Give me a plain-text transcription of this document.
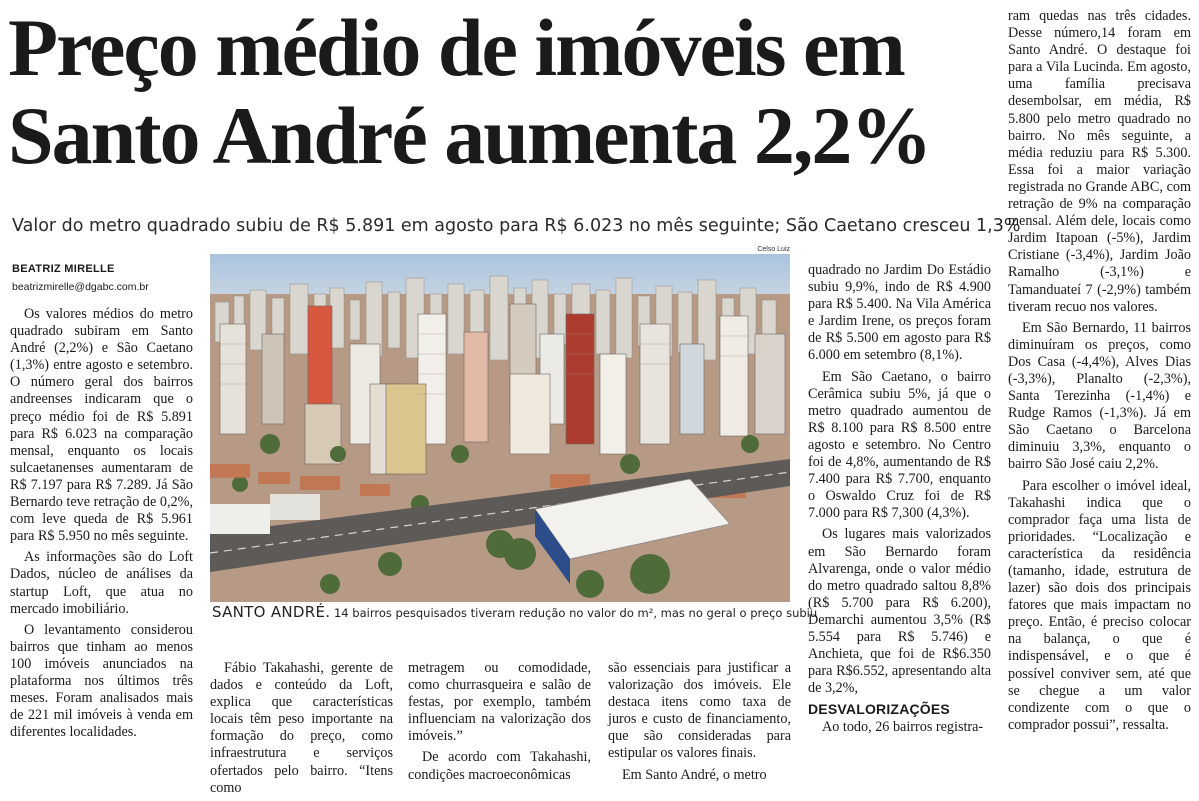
Preço médio de imóveis em Santo André aumenta 2,2%
Valor do metro quadrado subiu de R$ 5.891 em agosto para R$ 6.023 no mês seguinte; São Caetano cresceu 1,3%
BEATRIZ MIRELLE
beatrizmirelle@dgabc.com.br

Os valores médios do metro quadrado subiram em Santo André (2,2%) e São Caetano (1,3%) entre agosto e setembro. O número geral dos bairros andreenses indicaram que o preço médio foi de R$ 5.891 para R$ 6.023 na comparação mensal, enquanto os locais sulcaetanenses aumentaram de R$ 7.197 para R$ 7.289. Já São Bernardo teve retração de 0,2%, com leve queda de R$ 5.961 para R$ 5.950 no mês seguinte.

As informações são do Loft Dados, núcleo de análises da startup Loft, que atua no mercado imobiliário.

O levantamento considerou bairros que tinham ao menos 100 imóveis anunciados na plataforma nos últimos três meses. Foram analisados mais de 221 mil imóveis à venda em diferentes localidades.

Celso Luiz
SANTO ANDRÉ. 14 bairros pesquisados tiveram redução no valor do m², mas no geral o preço subiu

Fábio Takahashi, gerente de dados e conteúdo da Loft, explica que características locais têm peso importante na formação do preço, como infraestrutura e serviços ofertados pelo bairro. “Itens como

metragem ou comodidade, como churrasqueira e salão de festas, por exemplo, também influenciam na valorização dos imóveis.”

De acordo com Takahashi, condições macroeconômicas

são essenciais para justificar a valorização dos imóveis. Ele destaca itens como taxa de juros e custo de financiamento, que são consideradas para estipular os valores finais.

Em Santo André, o metro

quadrado no Jardim Do Estádio subiu 9,9%, indo de R$ 4.900 para R$ 5.400. Na Vila América e Jardim Irene, os preços foram de R$ 5.500 em agosto para R$ 6.000 em setembro (8,1%).

Em São Caetano, o bairro Cerâmica subiu 5%, já que o metro quadrado aumentou de R$ 8.100 para R$ 8.500 entre agosto e setembro. No Centro foi de 4,8%, aumentando de R$ 7.400 para R$ 7.700, enquanto o Oswaldo Cruz foi de R$ 7.000 para R$ 7,300 (4,3%).

Os lugares mais valorizados em São Bernardo foram Alvarenga, onde o valor médio do metro quadrado saltou 8,8% (R$ 5.700 para R$ 6.200), Demarchi aumentou 3,5% (R$ 5.554 para R$ 5.746) e Anchieta, que foi de R$6.350 para R$6.552, apresentando alta de 3,2%,

DESVALORIZAÇÕES

Ao todo, 26 bairros registra-

ram quedas nas três cidades. Desse número,14 foram em Santo André. O destaque foi para a Vila Lucinda. Em agosto, uma família precisava desembolsar, em média, R$ 5.800 pelo metro quadrado no bairro. No mês seguinte, a média reduziu para R$ 5.300. Essa foi a maior variação registrada no Grande ABC, com retração de 9% na comparação mensal. Além dele, locais como Jardim Itapoan (-5%), Jardim Cristiane (-3,4%), Jardim João Ramalho (-3,1%) e Tamanduateí 7 (-2,9%) também tiveram recuo nos valores.

Em São Bernardo, 11 bairros diminuíram os preços, como Dos Casa (-4,4%), Alves Dias (-3,3%), Planalto (-2,3%), Santa Terezinha (-1,4%) e Rudge Ramos (-1,3%). Já em São Caetano o Barcelona diminuiu 3,3%, enquanto o bairro São José caiu 2,2%.

Para escolher o imóvel ideal, Takahashi indica que o comprador faça uma lista de prioridades. “Localização e característica da residência (tamanho, idade, estrutura de lazer) são dois dos principais fatores que mais impactam no preço. Então, é preciso colocar na balança, o que é indispensável, e o que é possível conviver sem, até que se chegue a um valor condizente com o que o comprador possui”, ressalta.
